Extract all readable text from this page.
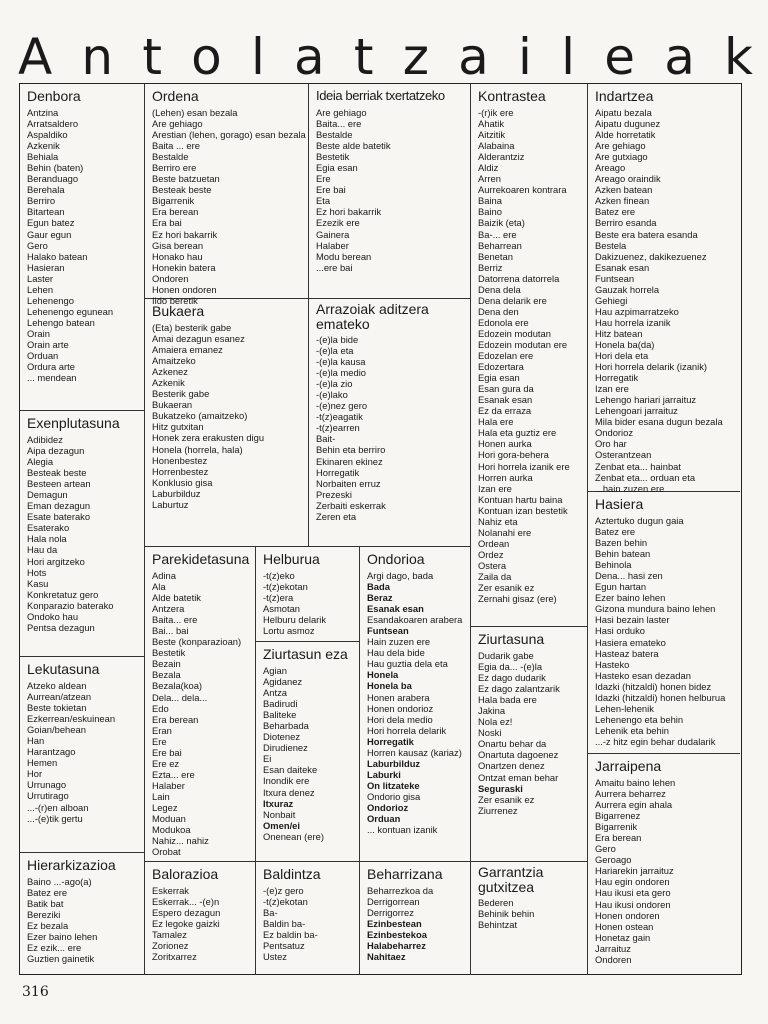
A n t o l a t z a i l e a k
Denbora
Antzina
Arratsaldero
Aspaldiko
Azkenik
Behiala
Behin (baten)
Beranduago
Berehala
Berriro
Bitartean
Egun batez
Gaur egun
Gero
Halako batean
Hasieran
Laster
Lehen
Lehenengo
Lehenengo egunean
Lehengo batean
Orain
Orain arte
Orduan
Ordura arte
... mendean
Exenplutasuna
Adibidez
Aipa dezagun
Alegia
Besteak beste
Besteen artean
Demagun
Eman dezagun
Esate baterako
Esaterako
Hala nola
Hau da
Hori argitzeko
Hots
Kasu
Konkretatuz gero
Konparazio baterako
Ondoko hau
Pentsa dezagun
Lekutasuna
Atzeko aldean
Aurrean/atzean
Beste tokietan
Ezkerrean/eskuinean
Goian/behean
Han
Harantzago
Hemen
Hor
Urrunago
Urrutirago
...-(r)en alboan
...-(e)tik gertu
Hierarkizazioa
Baino ...-ago(a)
Batez ere
Batik bat
Bereziki
Ez bezala
Ezer baino lehen
Ez ezik... ere
Guztien gainetik
Ordena
(Lehen) esan bezala
Are gehiago
Arestian (lehen, gorago) esan bezala
Baita ... ere
Bestalde
Berriro ere
Beste batzuetan
Besteak beste
Bigarrenik
Era berean
Era bai
Ez hori bakarrik
Gisa berean
Honako hau
Honekin batera
Ondoren
Honen ondoren
Ildo beretik
Bukaera
(Eta) besterik gabe
Amai dezagun esanez
Amaiera emanez
Amaitzeko
Azkenez
Azkenik
Besterik gabe
Bukaeran
Bukatzeko (amaitzeko)
Hitz gutxitan
Honek zera erakusten digu
Honela (horrela, hala)
Honenbestez
Horrenbestez
Konklusio gisa
Laburbilduz
Laburtuz
Parekidetasuna
Adina
Ala
Alde batetik
Antzera
Baita... ere
Bai... bai
Beste (konparazioan)
Bestetik
Bezain
Bezala
Bezala(koa)
Dela... dela...
Edo
Era berean
Eran
Ere
Ere bai
Ere ez
Ezta... ere
Halaber
Lain
Legez
Moduan
Modukoa
Nahiz... nahiz
Orobat
Balorazioa
Eskerrak
Eskerrak... -(e)n
Espero dezagun
Ez legoke gaizki
Tamalez
Zorionez
Zoritxarrez
Ideia berriak txertatzeko
Are gehiago
Baita... ere
Bestalde
Beste alde batetik
Bestetik
Egia esan
Ere
Ere bai
Eta
Ez hori bakarrik
Ezezik ere
Gainera
Halaber
Modu berean
...ere bai
Arrazoiak aditzera emateko
-(e)la bide
-(e)la eta
-(e)la kausa
-(e)la medio
-(e)la zio
-(e)lako
-(e)nez gero
-t(z)eagatik
-t(z)earren
Bait-
Behin eta berriro
Ekinaren ekinez
Horregatik
Norbaiten erruz
Prezeski
Zerbaiti eskerrak
Zeren eta
Helburua
-t(z)eko
-t(z)ekotan
-t(z)era
Asmotan
Helburu delarik
Lortu asmoz
Ziurtasun eza
Agian
Agidanez
Antza
Badirudi
Baliteke
Beharbada
Diotenez
Dirudienez
Ei
Esan daiteke
Inondik ere
Itxura denez
Itxuraz
Nonbait
Omen/ei
Onenean (ere)
Baldintza
-(e)z gero
-t(z)ekotan
Ba-
Baldin ba-
Ez baldin ba-
Pentsatuz
Ustez
Ondorioa
Argi dago, bada
Bada
Beraz
Esanak esan
Esandakoaren arabera
Funtsean
Hain zuzen ere
Hau dela bide
Hau guztia dela eta
Honela
Honela ba
Honen arabera
Honen ondorioz
Hori dela medio
Hori horrela delarik
Horregatik
Horren kausaz (kariaz)
Laburbilduz
Laburki
On litzateke
Ondorio gisa
Ondorioz
Orduan
... kontuan izanik
Beharrizana
Beharrezkoa da
Derrigorrean
Derrigorrez
Ezinbestean
Ezinbestekoa
Halabeharrez
Nahitaez
Kontrastea
-(r)ik ere
Ahatik
Aitzitik
Alabaina
Alderantziz
Aldiz
Arren
Aurrekoaren kontrara
Baina
Baino
Baizik (eta)
Ba-... ere
Beharrean
Benetan
Berriz
Datorrena datorrela
Dena dela
Dena delarik ere
Dena den
Edonola ere
Edozein modutan
Edozein modutan ere
Edozelan ere
Edozertara
Egia esan
Esan gura da
Esanak esan
Ez da erraza
Hala ere
Hala eta guztiz ere
Honen aurka
Hori gora-behera
Hori horrela izanik ere
Horren aurka
Izan ere
Kontuan hartu baina
Kontuan izan bestetik
Nahiz eta
Nolanahi ere
Ordean
Ordez
Ostera
Zaila da
Zer esanik ez
Zernahi gisaz (ere)
Ziurtasuna
Dudarik gabe
Egia da... -(e)la
Ez dago dudarik
Ez dago zalantzarik
Hala bada ere
Jakina
Nola ez!
Noski
Onartu behar da
Onartuta dagoenez
Onartzen denez
Ontzat eman behar
Seguraski
Zer esanik ez
Ziurrenez
Garrantzia gutxitzea
Bederen
Behinik behin
Behintzat
Indartzea
Aipatu bezala
Aipatu dugunez
Alde horretatik
Are gehiago
Are gutxiago
Areago
Areago oraindik
Azken batean
Azken finean
Batez ere
Berriro esanda
Beste era batera esanda
Bestela
Dakizuenez, dakikezuenez
Esanak esan
Funtsean
Gauzak horrela
Gehiegi
Hau azpimarratzeko
Hau horrela izanik
Hitz batean
Honela ba(da)
Hori dela eta
Hori horrela delarik (izanik)
Horregatik
Izan ere
Lehengo hariari jarraituz
Lehengoari jarraituz
Mila bider esana dugun bezala
Ondorioz
Oro har
Osterantzean
Zenbat eta... hainbat
Zenbat eta... orduan eta
...hain zuzen ere
Hasiera
Aztertuko dugun gaia
Batez ere
Bazen behin
Behin batean
Behinola
Dena... hasi zen
Egun hartan
Ezer baino lehen
Gizona mundura baino lehen
Hasi bezain laster
Hasi orduko
Hasiera emateko
Hasteaz batera
Hasteko
Hasteko esan dezadan
Idazki (hitzaldi) honen bidez
Idazki (hitzaldi) honen helburua
Lehen-lehenik
Lehenengo eta behin
Lehenik eta behin
...-z hitz egin behar dudalarik
Jarraipena
Amaitu baino lehen
Aurrera beharrez
Aurrera egin ahala
Bigarrenez
Bigarrenik
Era berean
Gero
Geroago
Hariarekin jarraituz
Hau egin ondoren
Hau ikusi eta gero
Hau ikusi ondoren
Honen ondoren
Honen ostean
Honetaz gain
Jarraituz
Ondoren
316
